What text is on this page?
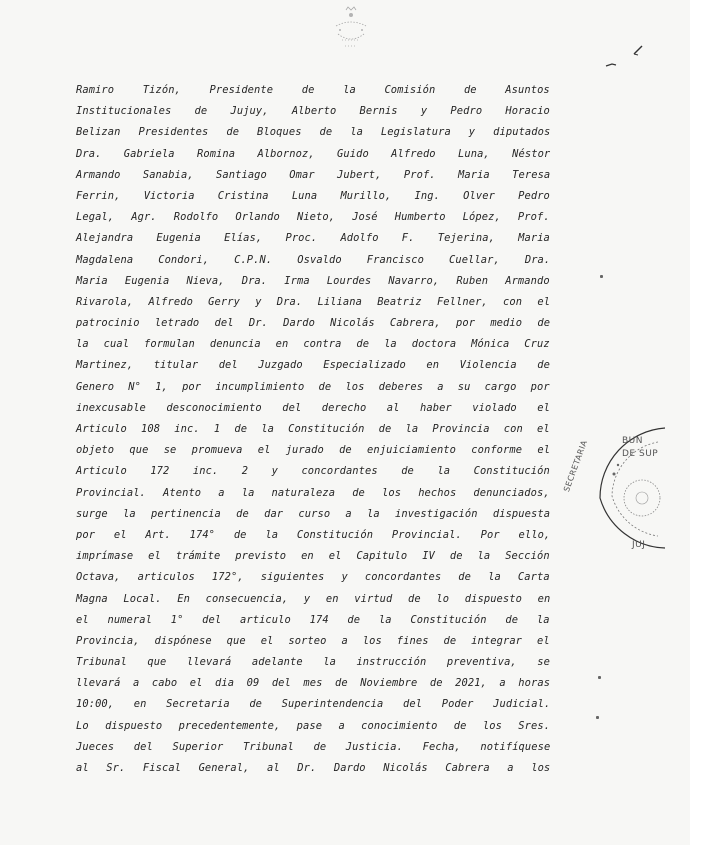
Ramiro Tizón, Presidente de la Comisión de Asuntos
Institucionales de Jujuy, Alberto Bernis y Pedro Horacio
Belizan Presidentes de Bloques de la Legislatura y diputados
Dra. Gabriela Romina Albornoz, Guido Alfredo Luna, Néstor
Armando Sanabia, Santiago Omar Jubert, Prof. Maria Teresa
Ferrin, Victoria Cristina Luna Murillo, Ing. Olver Pedro
Legal, Agr. Rodolfo Orlando Nieto, José Humberto López, Prof.
Alejandra Eugenia Elías, Proc. Adolfo F. Tejerina, Maria
Magdalena Condori, C.P.N. Osvaldo Francisco Cuellar, Dra.
Maria Eugenia Nieva, Dra. Irma Lourdes Navarro, Ruben Armando
Rivarola, Alfredo Gerry y Dra. Liliana Beatriz Fellner, con el
patrocinio letrado del Dr. Dardo Nicolás Cabrera, por medio de
la cual formulan denuncia en contra de la doctora Mónica Cruz
Martinez, titular del Juzgado Especializado en Violencia de
Genero N° 1, por incumplimiento de los deberes a su cargo por
inexcusable desconocimiento del derecho al haber violado el
Articulo 108 inc. 1 de la Constitución de la Provincia con el
objeto que se promueva el jurado de enjuiciamiento conforme el
Articulo 172 inc. 2 y concordantes de la Constitución
Provincial. Atento a la naturaleza de los hechos denunciados,
surge la pertinencia de dar curso a la investigación dispuesta
por el Art. 174° de la Constitución Provincial. Por ello,
imprímase el trámite previsto en el Capitulo IV de la Sección
Octava, articulos 172°, siguientes y concordantes de la Carta
Magna Local. En consecuencia, y en virtud de lo dispuesto en
el numeral 1° del articulo 174 de la Constitución de la
Provincia, dispónese que el sorteo a los fines de integrar el
Tribunal que llevará adelante la instrucción preventiva, se
llevará a cabo el dia 09 del mes de Noviembre de 2021, a horas
10:00, en Secretaria de Superintendencia del Poder Judicial.
Lo dispuesto precedentemente, pase a conocimiento de los Sres.
Jueces del Superior Tribunal de Justicia. Fecha, notifíquese
al Sr. Fiscal General, al Dr. Dardo Nicolás Cabrera a los
BUN
DE SUP
SECRETARIA
JUJ
